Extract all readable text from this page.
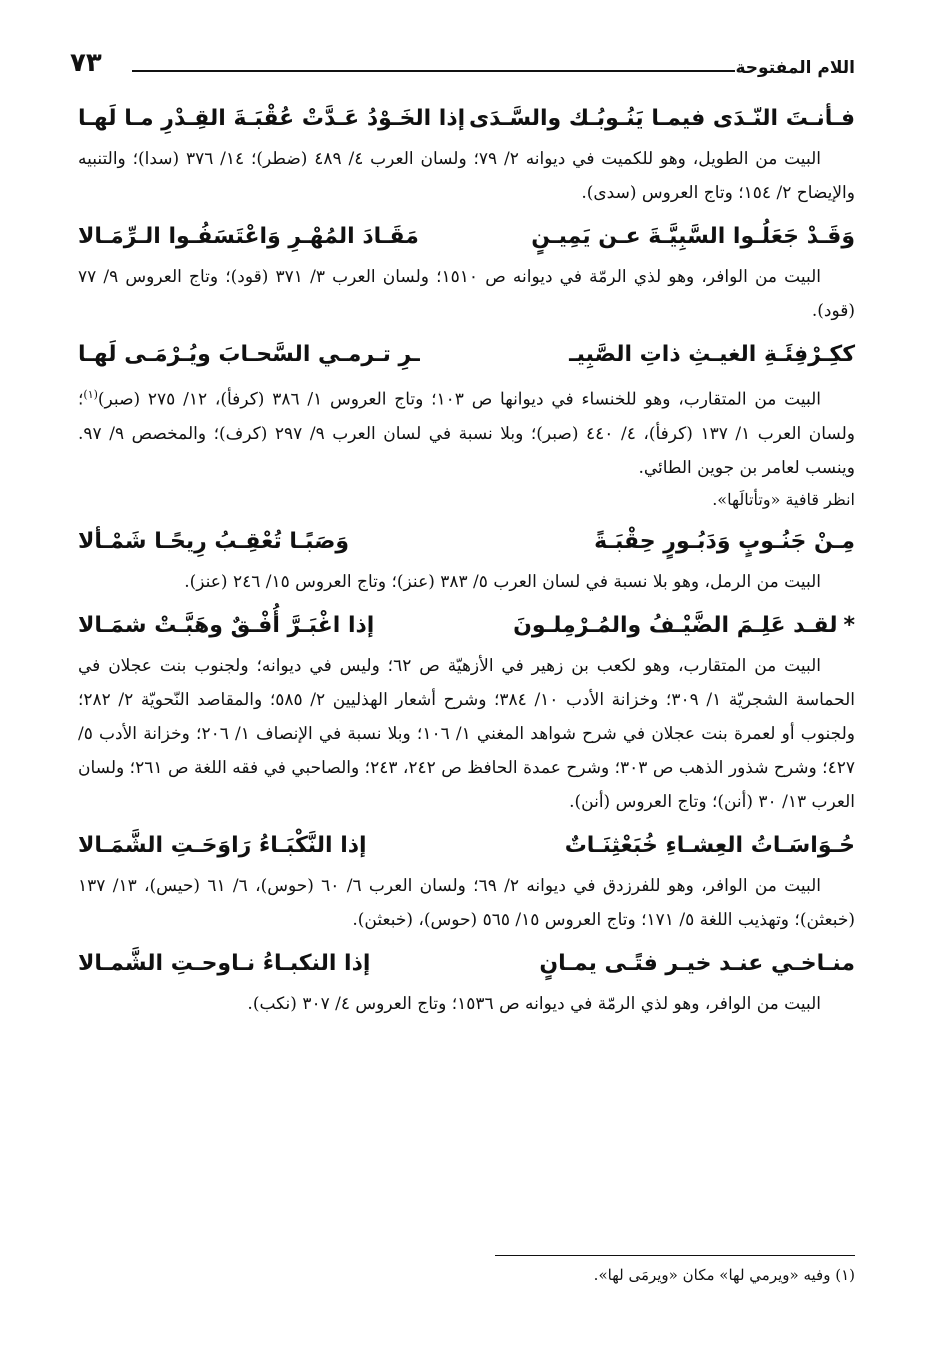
اللام المفتوحة
٧٣
فـأنـتَ النّـدَى فيمـا يَنُـوبُـك والسَّـدَى
إذا الخَـوْدُ عَـدَّتْ عُقْبَـةَ القِـدْرِ مـا لَهـا

البيت من الطويل، وهو للكميت في ديوانه ٢/ ٧٩؛ ولسان العرب ٤/ ٤٨٩ (ضطر)؛ ١٤/ ٣٧٦ (سدا)؛ والتنبيه والإيضاح ٢/ ١٥٤؛ وتاج العروس (سدى).

وَقَـدْ جَعَلُـوا السَّبِيَّـةَ عـن يَمِيـنٍ
مَقَـادَ المُهْـرِ وَاعْتَسَفُـوا الـرِّمَـالا

البيت من الوافر، وهو لذي الرمّة في ديوانه ص ١٥١٠؛ ولسان العرب ٣/ ٣٧١ (قود)؛ وتاج العروس ٩/ ٧٧ (قود).

ككِـرْفِئَـةِ الغيـثِ ذاتِ الصَّبِيـ
ـرِ تـرمـي السَّحـابَ ويُـرْمَـى لَهـا

البيت من المتقارب، وهو للخنساء في ديوانها ص ١٠٣؛ وتاج العروس ١/ ٣٨٦ (كرفأ)، ١٢/ ٢٧٥ (صبر)$^{(١)}$؛ ولسان العرب ١/ ١٣٧ (كرفأ)، ٤/ ٤٤٠ (صبر)؛ وبلا نسبة في لسان العرب ٩/ ٢٩٧ (كرف)؛ والمخصص ٩/ ٩٧. وينسب لعامر بن جوين الطائي.

انظر قافية «وتأتالَها».
مِـنْ جَنُـوبٍ وَدَبُـورٍ حِقْبَـةً
وَصَبًـا تُعْقِـبُ رِيحًـا شَمْـألا

البيت من الرمل، وهو بلا نسبة في لسان العرب ٥/ ٣٨٣ (عنز)؛ وتاج العروس ١٥/ ٢٤٦ (عنز).

*لقـد عَلِـمَ الضَّيْـفُ والمُـرْمِلـونَ
إذا اغْبَـرَّ أُفْـقٌ وهَبَّـتْ شمَـالا

البيت من المتقارب، وهو لكعب بن زهير في الأزهيّة ص ٦٢؛ وليس في ديوانه؛ ولجنوب بنت عجلان في الحماسة الشجريّة ١/ ٣٠٩؛ وخزانة الأدب ١٠/ ٣٨٤؛ وشرح أشعار الهذليين ٢/ ٥٨٥؛ والمقاصد النّحويّة ٢/ ٢٨٢؛ ولجنوب أو لعمرة بنت عجلان في شرح شواهد المغني ١/ ١٠٦؛ وبلا نسبة في الإنصاف ١/ ٢٠٦؛ وخزانة الأدب ٥/ ٤٢٧؛ وشرح شذور الذهب ص ٣٠٣؛ وشرح عمدة الحافظ ص ٢٤٢، ٢٤٣؛ والصاحبي في فقه اللغة ص ٢٦١؛ ولسان العرب ١٣/ ٣٠ (أنن)؛ وتاج العروس (أنن).

حُـوَاسَـاتُ العِشـاءِ خُبَعْثِنَـاتٌ
إذا النَّكْبَـاءُ رَاوَحَـتِ الشَّمَـالا

البيت من الوافر، وهو للفرزدق في ديوانه ٢/ ٦٩؛ ولسان العرب ٦/ ٦٠ (حوس)، ٦/ ٦١ (حيس)، ١٣/ ١٣٧ (خبعثن)؛ وتهذيب اللغة ٥/ ١٧١؛ وتاج العروس ١٥/ ٥٦٥ (حوس)، (خبعثن).

منـاخـي عنـد خيـر فتًـى يمـانٍ
إذا النكبـاءُ نـاوحـتِ الشَّمـالا

البيت من الوافر، وهو لذي الرمّة في ديوانه ص ١٥٣٦؛ وتاج العروس ٤/ ٣٠٧ (نكب).

(١) وفيه «ويرمي لها» مكان «ويرمَى لها».
